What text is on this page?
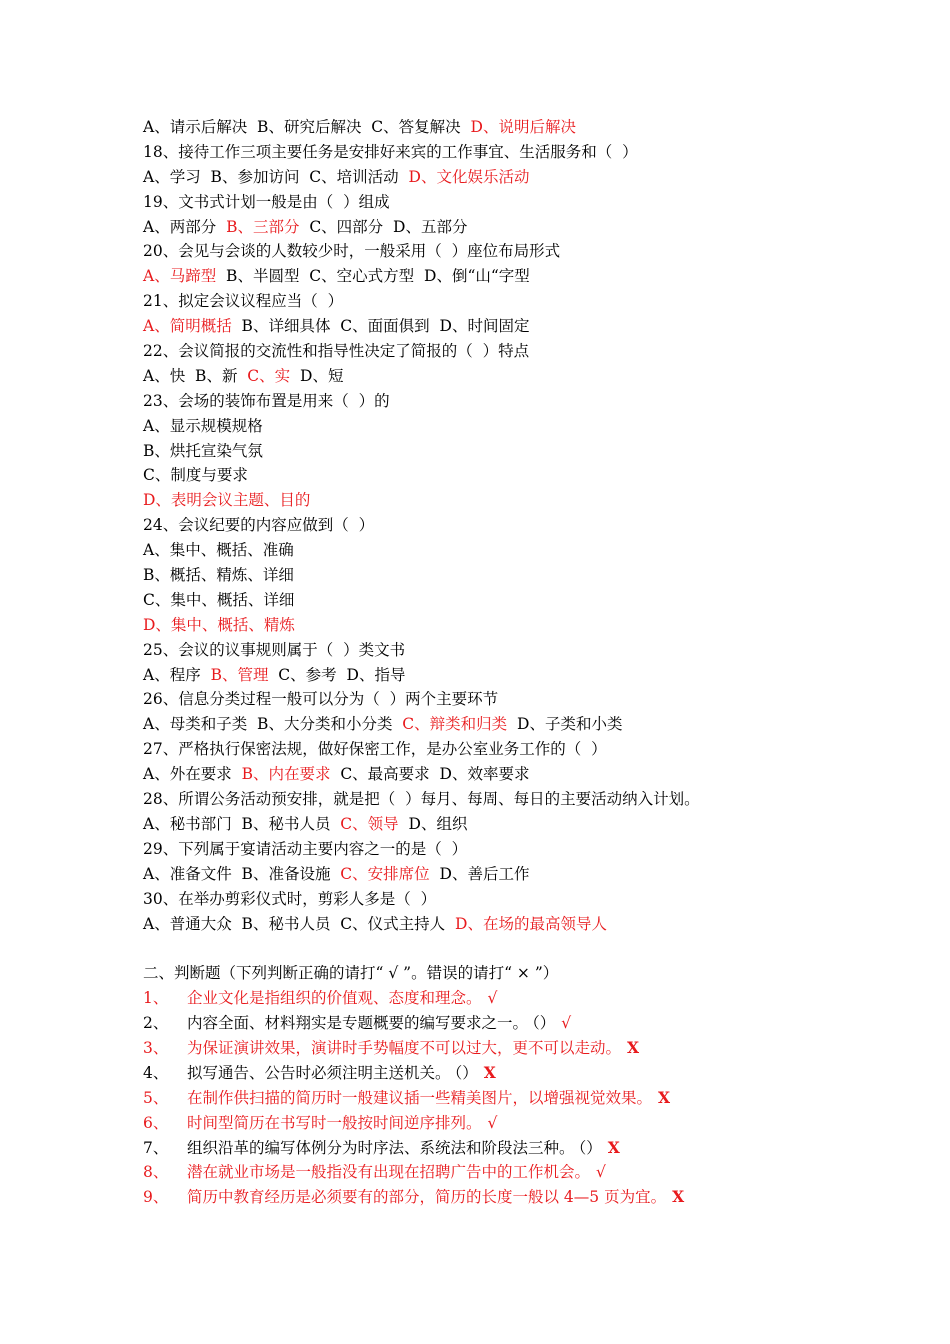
A、请示后解决  B、研究后解决  C、答复解决  D、说明后解决
18、接待工作三项主要任务是安排好来宾的工作事宜、生活服务和（  ）
A、学习  B、参加访问  C、培训活动  D、文化娱乐活动
19、文书式计划一般是由（  ）组成
A、两部分  B、三部分  C、四部分  D、五部分
20、会见与会谈的人数较少时，一般采用（  ）座位布局形式
A、马蹄型  B、半圆型  C、空心式方型  D、倒“山“字型
21、拟定会议议程应当（  ）
A、简明概括  B、详细具体  C、面面俱到  D、时间固定
22、会议简报的交流性和指导性决定了简报的（  ）特点
A、快  B、新  C、实  D、短
23、会场的装饰布置是用来（  ）的
A、显示规模规格
B、烘托宣染气氛
C、制度与要求
D、表明会议主题、目的
24、会议纪要的内容应做到（  ）
A、集中、概括、准确
B、概括、精炼、详细
C、集中、概括、详细
D、集中、概括、精炼
25、会议的议事规则属于（  ）类文书
A、程序  B、管理  C、参考  D、指导
26、信息分类过程一般可以分为（  ）两个主要环节
A、母类和子类  B、大分类和小分类  C、辩类和归类  D、子类和小类
27、严格执行保密法规，做好保密工作，是办公室业务工作的（  ）
A、外在要求  B、内在要求  C、最高要求  D、效率要求
28、所谓公务活动预安排，就是把（  ）每月、每周、每日的主要活动纳入计划。
A、秘书部门  B、秘书人员  C、领导  D、组织
29、下列属于宴请活动主要内容之一的是（  ）
A、准备文件  B、准备设施  C、安排席位  D、善后工作
30、在举办剪彩仪式时，剪彩人多是（  ）
A、普通大众  B、秘书人员  C、仪式主持人  D、在场的最高领导人
二、判断题（下列判断正确的请打“ √ ”。错误的请打“ × ”）
1、 企业文化是指组织的价值观、态度和理念。 √
2、 内容全面、材料翔实是专题概要的编写要求之一。 （） √
3、 为保证演讲效果，演讲时手势幅度不可以过大，更不可以走动。 X
4、 拟写通告、公告时必须注明主送机关。 （） X
5、 在制作供扫描的简历时一般建议插一些精美图片，以增强视觉效果。 X
6、 时间型简历在书写时一般按时间逆序排列。 √
7、 组织沿革的编写体例分为时序法、系统法和阶段法三种。 （） X
8、 潜在就业市场是一般指没有出现在招聘广告中的工作机会。 √
9、 简历中教育经历是必须要有的部分，简历的长度一般以 4—5 页为宜。 X
